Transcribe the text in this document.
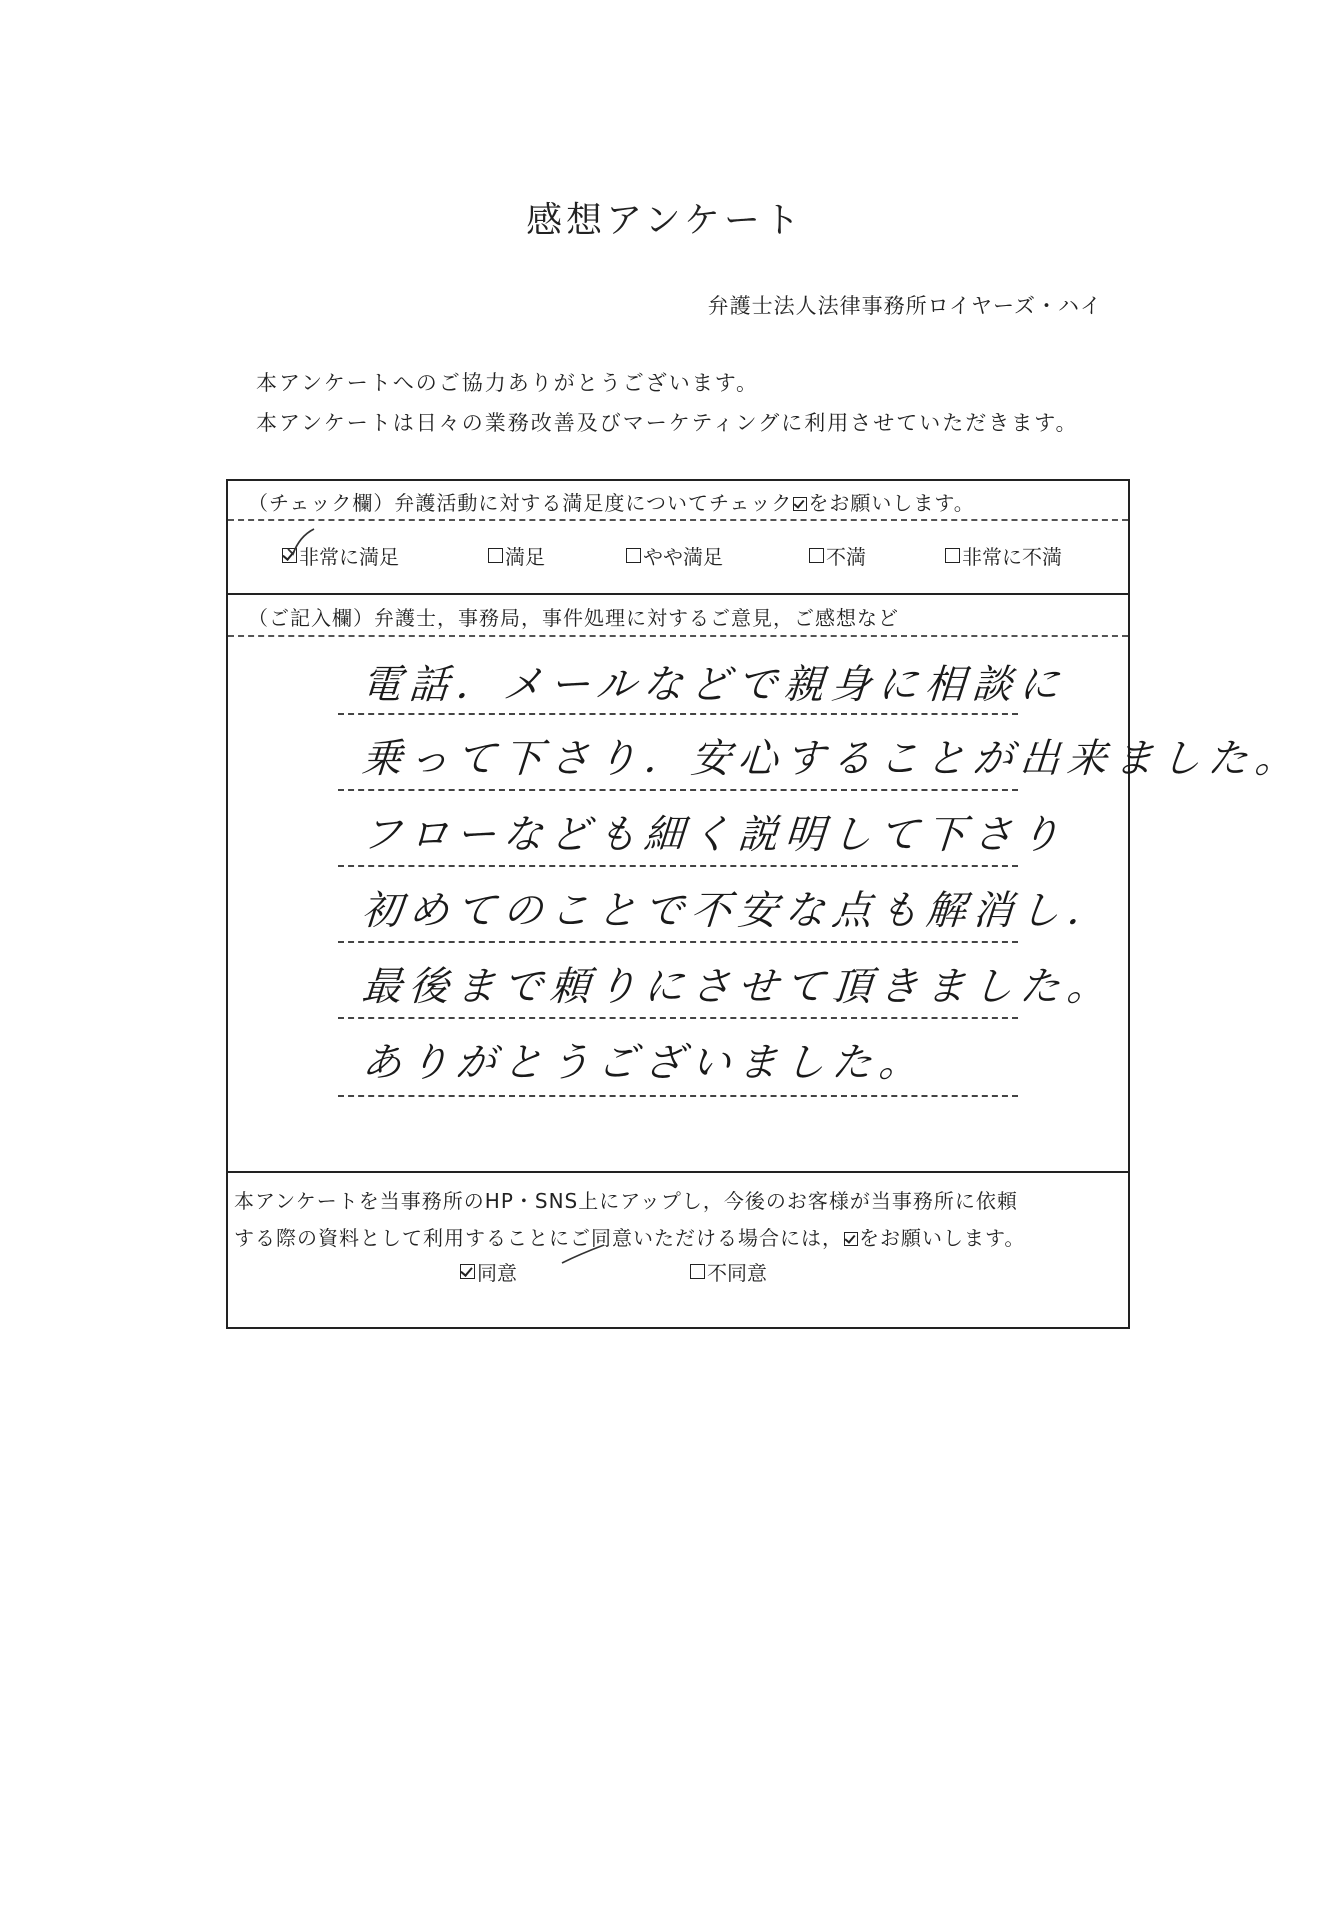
感想アンケート
弁護士法人法律事務所ロイヤーズ・ハイ
本アンケートへのご協力ありがとうございます。
本アンケートは日々の業務改善及びマーケティングに利用させていただきます。
（チェック欄）弁護活動に対する満足度についてチェック をお願いします。
非常に満足	満足	やや満足	不満	非常に不満
（ご記入欄）弁護士，事務局，事件処理に対するご意見，ご感想など
電話．メールなどで親身に相談に
乗って下さり．安心することが出来ました。
フローなども細く説明して下さり
初めてのことで不安な点も解消し．
最後まで頼りにさせて頂きました。
ありがとうございました。
本アンケートを当事務所のHP・SNS上にアップし，今後のお客様が当事務所に依頼
する際の資料として利用することにご同意いただける場合には， をお願いします。
同意	不同意
